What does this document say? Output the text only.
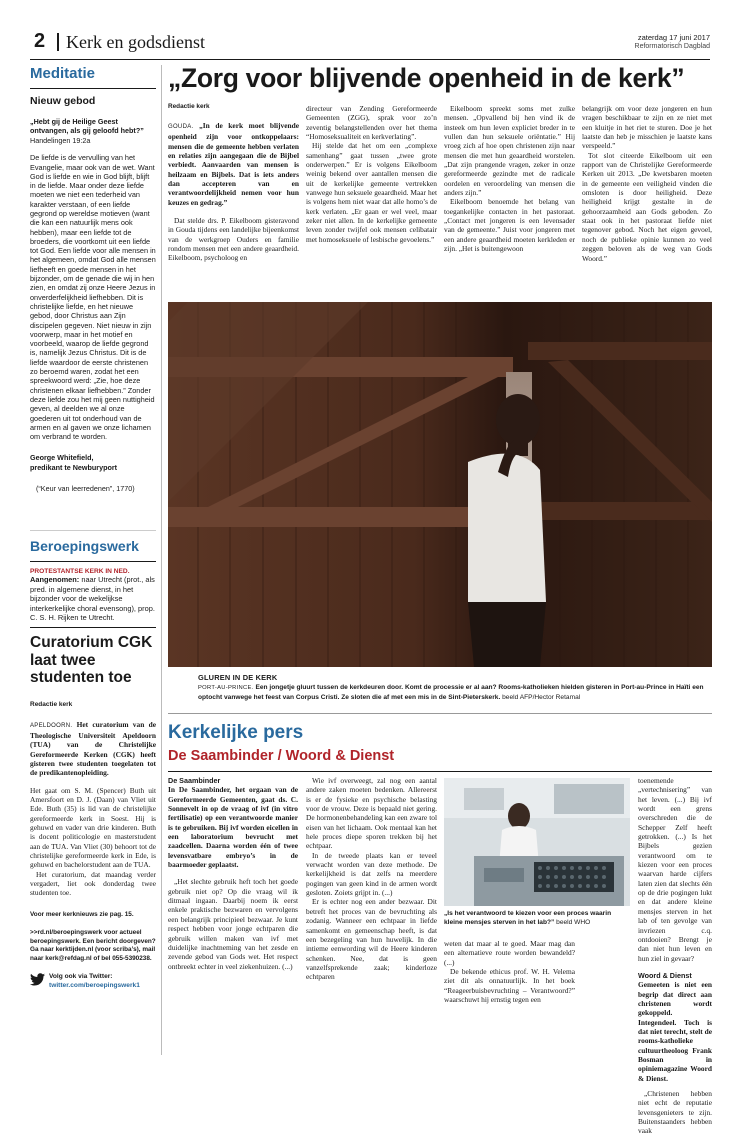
2 Kerk en godsdienst	zaterdag 17 juni 2017
Reformatorisch Dagblad
Meditatie
Nieuw gebod
„Hebt gij de Heilige Geest ontvangen, als gij geloofd hebt?”
Handelingen 19:2a
De liefde is de vervulling van het Evangelie, maar ook van de wet. Want God is liefde en wie in God blijft, blijft in de liefde. Maar onder deze liefde moeten we niet een tederheid van karakter verstaan, of een liefde gegrond op wereldse motieven (want die kan een natuurlijk mens ook hebben), maar een liefde tot de broeders, die voortkomt uit een liefde tot God. Een liefde voor alle mensen in het algemeen, omdat God alle mensen liefheeft en goede mensen in het bijzonder, om de genade die wij in hen zien, en omdat zij onze Heere Jezus in onverderfelijkheid liefhebben. Dit is christelijke liefde, en het nieuwe gebod, door Christus aan Zijn discipelen gegeven. Niet nieuw in zijn voorwerp, maar in het motief en voorbeeld, waarop de liefde gegrond is, namelijk Jezus Christus. Dit is de liefde waardoor de eerste christenen zo beroemd waren, zodat het een spreekwoord werd: „Zie, hoe deze christenen elkaar liefhebben.” Zonder deze liefde zou het mij geen nuttigheid geven, al deelden we al onze goederen uit tot onderhoud van de armen en al gaven we onze lichamen om verbrand te worden.
George Whitefield,
predikant te Newburyport
(“Keur van leerredenen”, 1770)
Beroepingswerk
PROTESTANTSE KERK IN NED.
Aangenomen: naar Utrecht (prot., als pred. in algemene dienst, in het bijzonder voor de wekelijkse interkerkelijke choral evensong), prop. C. S. H. Rijken te Utrecht.
Curatorium CGK laat twee studenten toe
Redactie kerk
APELDOORN. Het curatorium van de Theologische Universiteit Apeldoorn (TUA) van de Christelijke Gereformeerde Kerken (CGK) heeft gisteren twee studenten toegelaten tot de predikantenopleiding.
Het gaat om S. M. (Spencer) Buth uit Amersfoort en D. J. (Daan) van Vliet uit Ede. Buth (35) is lid van de christelijke gereformeerde kerk in Soest. Hij is gehuwd en vader van drie kinderen. Buth is docent politicologie en masterstudent aan de TUA. Van Vliet (30) behoort tot de christelijke gereformeerde kerk in Ede, is gehuwd en bachelorstudent aan de TUA.
Het curatorium, dat maandag verder vergadert, liet ook donderdag twee studenten toe.
Voor meer kerknieuws zie pag. 15.
>>rd.nl/beroepingswerk voor actueel beroepingswerk. Een bericht doorgeven? Ga naar kerktijden.nl (voor scriba’s), mail naar kerk@refdag.nl of bel 055-5390238.
Volg ook via Twitter:
twitter.com/beroepingswerk1
„Zorg voor blijvende openheid in de kerk”
Redactie kerk
GOUDA. „In de kerk moet blijvende openheid zijn voor ontkoppelaars: mensen die de gemeente hebben verlaten en relaties zijn aangegaan die de Bijbel verbiedt. Aanvaarden van mensen is heilzaam en Bijbels. Dat is iets anders dan accepteren van en verantwoordelijkheid nemen voor hun keuzes en gedrag.”

Dat stelde drs. P. Eikelboom gisteravond in Gouda tijdens een landelijke bijeenkomst van de werkgroep Ouders en familie rondom mensen met een andere geaardheid. Eikelboom, psycholoog en

directeur van Zending Gereformeerde Gemeenten (ZGG), sprak voor zo’n zeventig belangstellenden over het thema “Homoseksualiteit en kerkverlating”.

Hij stelde dat het om een „complexe samenhang” gaat tussen „twee grote onderwerpen.” Er is volgens Eikelboom weinig bekend over aantallen mensen die uit de kerkelijke gemeente vertrekken vanwege hun seksuele geaardheid. Maar het is volgens hem niet waar dat alle homo’s de kerk verlaten. „Er gaan er wel veel, maar zeker niet allen. In de kerkelijke gemeente leven zonder twijfel ook mensen celibatair met homoseksuele of lesbische gevoelens.”

Eikelboom spreekt soms met zulke mensen. „Opvallend bij hen vind ik de insteek om hun leven expliciet breder in te vullen dan hun seksuele oriëntatie.” Hij vroeg zich af hoe open christenen zijn naar mensen die met hun geaardheid worstelen. „Dat zijn prangende vragen, zeker in onze gereformeerde gezindte met de radicale oordelen en veroordeling van mensen die anders zijn.”

Eikelboom benoemde het belang van toegankelijke contacten in het pastoraat. „Contact met jongeren is een levensader van de gemeente.” Juist voor jongeren met een andere geaardheid moeten kerkleden er zijn. „Het is buitengewoon

belangrijk om voor deze jongeren en hun vragen beschikbaar te zijn en ze niet met een kluitje in het riet te sturen. Doe je het laatste dan heb je misschien je laatste kans verspeeld.”

Tot slot citeerde Eikelboom uit een rapport van de Christelijke Gereformeerde Kerken uit 2013. „De kwetsbaren moeten in de gemeente een veiligheid vinden die omsloten is door heiligheid. Deze heiligheid krijgt gestalte in de gehoorzaamheid aan Gods geboden. Zo staat ook in het pastoraat liefde niet tegenover gebod. Noch het eigen gevoel, noch de publieke opinie kunnen zo veel zeggen beloven als de weg van Gods Woord.”

GLUREN IN DE KERK
PORT-AU-PRINCE. Een jongetje gluurt tussen de kerkdeuren door. Komt de processie er al aan? Rooms-katholieken hielden gisteren in Port-au-Prince in Haïti een optocht vanwege het feest van Corpus Cristi. Ze sloten die af met een mis in de Sint-Pieterskerk. beeld AFP/Hector Retamal
Kerkelijke pers
De Saambinder / Woord & Dienst
De Saambinder

In De Saambinder, het orgaan van de Gereformeerde Gemeenten, gaat ds. C. Sonnevelt in op de vraag of ivf (in vitro fertilisatie) op een verantwoorde manier is te gebruiken. Bij ivf worden eicellen in een laboratorium bevrucht met zaadcellen. Daarna worden één of twee levensvatbare embryo’s in de baarmoeder geplaatst.

„Het slechte gebruik heft toch het goede gebruik niet op? Op die vraag wil ik ditmaal ingaan. Daarbij noem ik eerst enkele praktische bezwaren en vervolgens een belangrijk principieel bezwaar. Je kunt respect hebben voor jonge echtparen die gebruik willen maken van ivf met duidelijke inachtneming van het zesde en zevende gebod van Gods wet. Het respect ontbreekt echter in veel ziekenhuizen. (...)

Wie ivf overweegt, zal nog een aantal andere zaken moeten bedenken. Allereerst is er de fysieke en psychische belasting voor de vrouw. Deze is bepaald niet gering. De hormonenbehandeling kan een zware tol eisen van het lichaam. Ook mentaal kan het hele proces diepe sporen trekken bij het echtpaar.

In de tweede plaats kan er teveel verwacht worden van deze methode. De kerkelijkheid is dat zelfs na meerdere pogingen van geen kind in de armen wordt gesloten. Zoiets grijpt in. (...)

Er is echter nog een ander bezwaar. Dit betreft het proces van de bevruchting als zodanig. Wanneer een echtpaar in liefde samenkomt en gemeenschap heeft, is dat een bezegeling van hun huwelijk. In die intieme eenwording wil de Heere kinderen schenken. Nee, dat is geen vanzelfsprekende zaak; kinderloze echtparen

„Is het verantwoord te kiezen voor een proces waarin kleine mensjes sterven in het lab?” beeld WHO

weten dat maar al te goed. Maar mag dan een alternatieve route worden bewandeld? (...)

De bekende ethicus prof. W. H. Velema ziet dit als onnatuurlijk. In het boek “Reageerbuisbevruchting – Verantwoord?” waarschuwt hij ernstig tegen een

toenemende „vertechnisering” van het leven. (...) Bij ivf wordt een grens overschreden die de Schepper Zelf heeft getrokken. (...) Is het Bijbels gezien verantwoord om te kiezen voor een proces waarvan harde cijfers laten zien dat slechts één op de drie pogingen lukt en dat andere kleine mensjes sterven in het lab of ten gevolge van invriezen c.q. ontdooien? Brengt je dan niet hun leven en hun ziel in gevaar?

Woord & Dienst

Gemeeten is niet een begrip dat direct aan christenen wordt gekoppeld. Integendeel. Toch is dat niet terecht, stelt de rooms-katholieke cultuurtheoloog Frank Bosman in opiniemagazine Woord & Dienst.

„Christenen hebben niet echt de reputatie levensgenieters te zijn. Buitenstaanders hebben vaak
